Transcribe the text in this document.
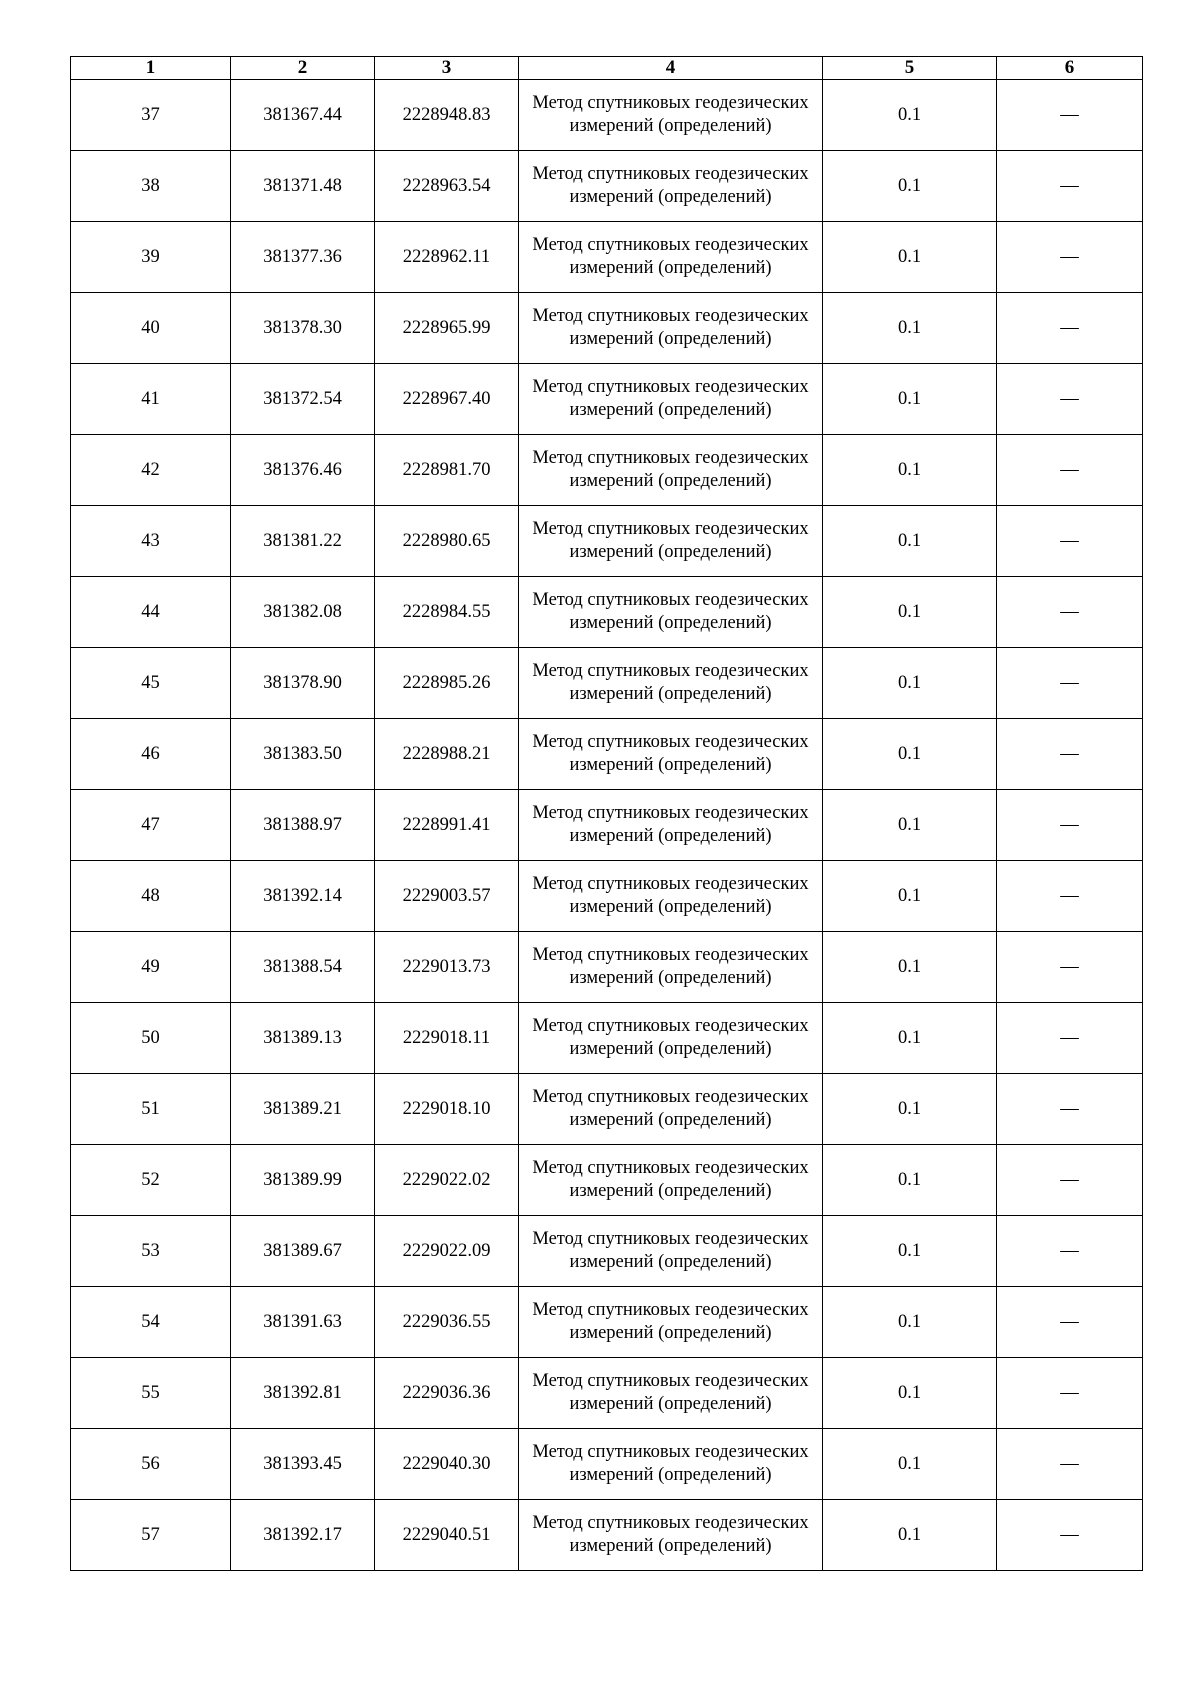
1	2	3	4	5	6
37	381367.44	2228948.83	Метод спутниковых геодезических измерений (определений)	0.1	—
38	381371.48	2228963.54	Метод спутниковых геодезических измерений (определений)	0.1	—
39	381377.36	2228962.11	Метод спутниковых геодезических измерений (определений)	0.1	—
40	381378.30	2228965.99	Метод спутниковых геодезических измерений (определений)	0.1	—
41	381372.54	2228967.40	Метод спутниковых геодезических измерений (определений)	0.1	—
42	381376.46	2228981.70	Метод спутниковых геодезических измерений (определений)	0.1	—
43	381381.22	2228980.65	Метод спутниковых геодезических измерений (определений)	0.1	—
44	381382.08	2228984.55	Метод спутниковых геодезических измерений (определений)	0.1	—
45	381378.90	2228985.26	Метод спутниковых геодезических измерений (определений)	0.1	—
46	381383.50	2228988.21	Метод спутниковых геодезических измерений (определений)	0.1	—
47	381388.97	2228991.41	Метод спутниковых геодезических измерений (определений)	0.1	—
48	381392.14	2229003.57	Метод спутниковых геодезических измерений (определений)	0.1	—
49	381388.54	2229013.73	Метод спутниковых геодезических измерений (определений)	0.1	—
50	381389.13	2229018.11	Метод спутниковых геодезических измерений (определений)	0.1	—
51	381389.21	2229018.10	Метод спутниковых геодезических измерений (определений)	0.1	—
52	381389.99	2229022.02	Метод спутниковых геодезических измерений (определений)	0.1	—
53	381389.67	2229022.09	Метод спутниковых геодезических измерений (определений)	0.1	—
54	381391.63	2229036.55	Метод спутниковых геодезических измерений (определений)	0.1	—
55	381392.81	2229036.36	Метод спутниковых геодезических измерений (определений)	0.1	—
56	381393.45	2229040.30	Метод спутниковых геодезических измерений (определений)	0.1	—
57	381392.17	2229040.51	Метод спутниковых геодезических измерений (определений)	0.1	—
